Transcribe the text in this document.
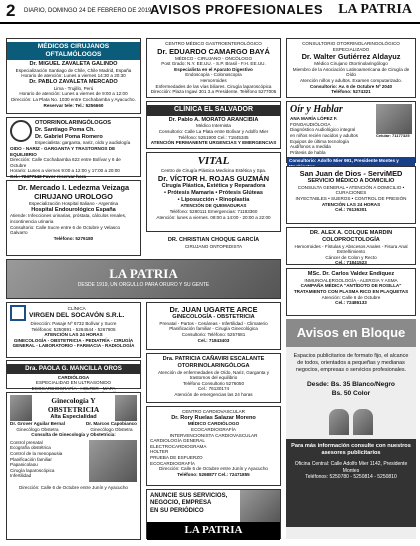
2 DIARIO, DOMINGO 24 DE FEBRERO DE 2019
AVISOS PROFESIONALES LA PATRIA
MÉDICOS CIRUJANOS OFTALMÓLOGOS

Dr. MIGUEL ZAVALETA GALINDO

Especialización Santiago de Chile, Chile Madrid, España

Horario de atención: Lunes a viernes 14:30 a 20:30

Dr. PABLO ZAVALETA MERCADO

Lima - Trujillo, Perú

Horario de atención: Lunes a viernes de 9:00 a 12:00

Dirección: La Plata No. 1030 entre Cochabamba y Ayacucho.

Reservar tele: Tel.: 5256660

OTORRINOLARINGÓLOGOS

Dr. Santiago Poma Ch.

Dr. Gabriel Poma Romero

Especialista: garganta, nariz, oído y audiología

OIDO - NARIZ - GARGANTA Y TRASTORNOS DE EQUILIBRIO

Dirección: Calle Cochabamba 622 entre Bolívar y 6 de Octubre

Horario: Lunes a viernes 9:00 a 12:00 y 17:00 a 20:00

Cel.: 72477142 Favor reservar hora

Dr. Mercado I. Ledezma Veizaga

CIRUJANO UROLOGO

Especialización Hospital Italiano - Argentina

Hospital Endourológico España

Atiende: Infecciones urinarias, próstata, cálculos renales, incontinencia urinaria

Consultorio: Calle Sucre entre 6 de Octubre y Velasco Galvarro

Teléfono: 5276180

LA PATRIA

DESDE 1919, UN ORGULLO PARA ORURO Y SU GENTE

CLÍNICA

VIRGEN DEL SOCAVÓN S.R.L.

Dirección: Pasaje Nº 6732 Bolívar y Sucre

Teléfonos: 5250891 - 5264544 - 5267805

ATENCIÓN LAS 24 HORAS

GINECOLOGÍA - OBSTETRICIA - PEDIATRÍA - CIRUGÍA GENERAL - LABORATORIO - FARMACIA - RADIOLOGÍA

Dra. PAOLA G. MANCILLA OROS

CARDIÓLOGA

ESPECIALIDAD EN ULTRASONIDO

ECOCARDIOGRAFÍA - HOLTER - MAPA

Ginecología Y

OBSTETRICIA

Alta Especialidad

Dr. Grover Aguilar Bernal

Ginecólogo Obstetra

Dr. Marcos Capobianco

Ginecólogo Obstetra

Consulta de Ginecología y Obstetricia:

Control prenatal

Ecografía obstétrica

Control de la menopausia

Planificación familiar

Papanicolaou

Cirugía laparoscópica

Infertilidad

Dirección: Calle 6 de Octubre entre Junín y Ayacucho

CENTRO MÉDICO GASTROENTEROLÓGICO

Dr. EDUARDO CAMARGO BAYÁ

MÉDICO - CIRUJANO - ONCÓLOGO

Post Grado: N.Y. EE.UU. - S.P. Brasil - F.H. EE.UU.

Especialista en el Aparato Digestivo

Endoscopía - Colonoscopía

Hemorroides

Enfermedades de las vías biliares. Cirugía laparoscópica

Dirección: Plaza Ingavi 301 3.a Presidente. Teléfono 5277005

CLÍNICA EL SALVADOR

Dr. Pablo A. MORATO ARANCIBIA

Médico Internista

Consultorio: Calle La Plata entre Bolívar y Adolfo Mier

Teléfono: 5251900 Cel.: 71845345

ATENCIÓN PERMANENTE URGENCIAS Y EMERGENCIAS

VITAL

Centro de Cirugía Plástica Medicina Estética y Spa.

Dr. VÍCTOR H. ROJAS GUZMÁN

Cirugía Plástica, Estética y Reparadora

• Prótesis Mamaria • Prótesis Glúteas

• Liposucción • Rinoplastía

ATENCIÓN DE QUEMADURAS

Teléfono: 5280111 Emergencias: 71183360

Atención: lunes a viernes. 08:00 a 14:00 - 20:00 a 22:00

DR. CHRISTIAN CHOQUE GARCÍA

CIRUJANO ONTOPEDISTA

CONSULTORIO OTORRINOLARINGOLÓGICO ESPECIALIZADO

Dr. Walter Gutiérrez Aldayuz

Médico Cirujano Otorrinolaringólogo

Miembro de la Asociación Latinoamericana de Cirugía de Oído

Atención niños y adultos. Examen computarizado.

Consultorio: Av. 6 de Octubre Nº 2040

Teléfono: 5274321

Oír y Hablar

ANA MARÍA LÓPEZ F.

FONOAUDIÓLOGA

Diagnóstico Audiológico integral

en niños recién nacidos y adultos

Equipos de última tecnología

Audífonos a medida

Prótesis de habla

Celular: 71177325

Consultorio: Adolfo Mier 991, Presidente Montes y

San Juan de Dios - ServiMED

SERVICIO MÉDICO A DOMICILIO

CONSULTA GENERAL • ATENCIÓN A DOMICILIO • CURACIONES

INYECTABLES • SUEROS • CONTROL DE PRESIÓN

ATENCIÓN LAS 24 HORAS

Cel.: 76136301

DR. ALEX A. COLQUE MARDIN

COLOPROCTOLOGÍA

Hemorroides - Fístulas y Abscesos Anales - Fisura Anal

Estreñimiento

Cáncer de Colon y Recto

Cel.: 71841523

MSc. Dr. Carlos Valdez Endiquez

INMUNOALERGOLOGÍA - ALERGIA Y ASMA

CAMPAÑA MÉDICA "ANTÍDOTO DE ROSILLA"

TRATAMIENTO CON PLASMA RICO EN PLAQUETAS

Atención: Calle 6 de Octubre

Cel.: 72486133

Avisos en Bloque

Espacios publicitarios de formato fijo, el alcance de todos, orientados a pequeñas y medianas negocios, empresas o servicios profesionales.

Desde: Bs. 35 Blanco/Negro

Bs. 50 Color

Para más información consulte con nuestros asesores publicitarios

Oficina Central: Calle Adolfo Mier 1142, Presidente Montes

Teléfonos: 5250780 - 5250814 - 5250810

Dr. JUAN UGARTE ARCE

GINECOLOGÍA - OBSTETRICIA

Prenatal - Partos - Cesáreas - Infertilidad - Climaterio

Planificación familiar - Cirugía Ginecológica

Consultorio: Teléfono: 5257681

Cel.: 71843403

Dra. PATRICIA CAÑAVIRI ESCALANTE

OTORRINOLARINGÓLOGA

Atención de enfermedades de Oído, Nariz, Garganta y trastornos del equilibrio

Teléfono Consultorio 5276050

Cel.: 76130174

Atención de emergencias las 24 horas

CENTRO CARDIOVASCULAR

Dr. Rory Ruelas Salazar Moreno

MÉDICO CARDIÓLOGO

ECOCARDIOGRAFÍA

INTERVENCIONISTA CARDIOVASCULAR

CARDIOLOGÍA GENERAL

ELECTROCARDIOGRAMA

HOLTER

PRUEBA DE ESFUERZO

ECOCARDIOGRAFÍA

Dirección: Calle 6 de Octubre entre Junín y Ayacucho

Teléfono: 5268877 Cel.: 72471855

ANUNCIE SUS SERVICIOS, NEGOCIO, EMPRESA

EN SU PERIÓDICO

LA PATRIA
